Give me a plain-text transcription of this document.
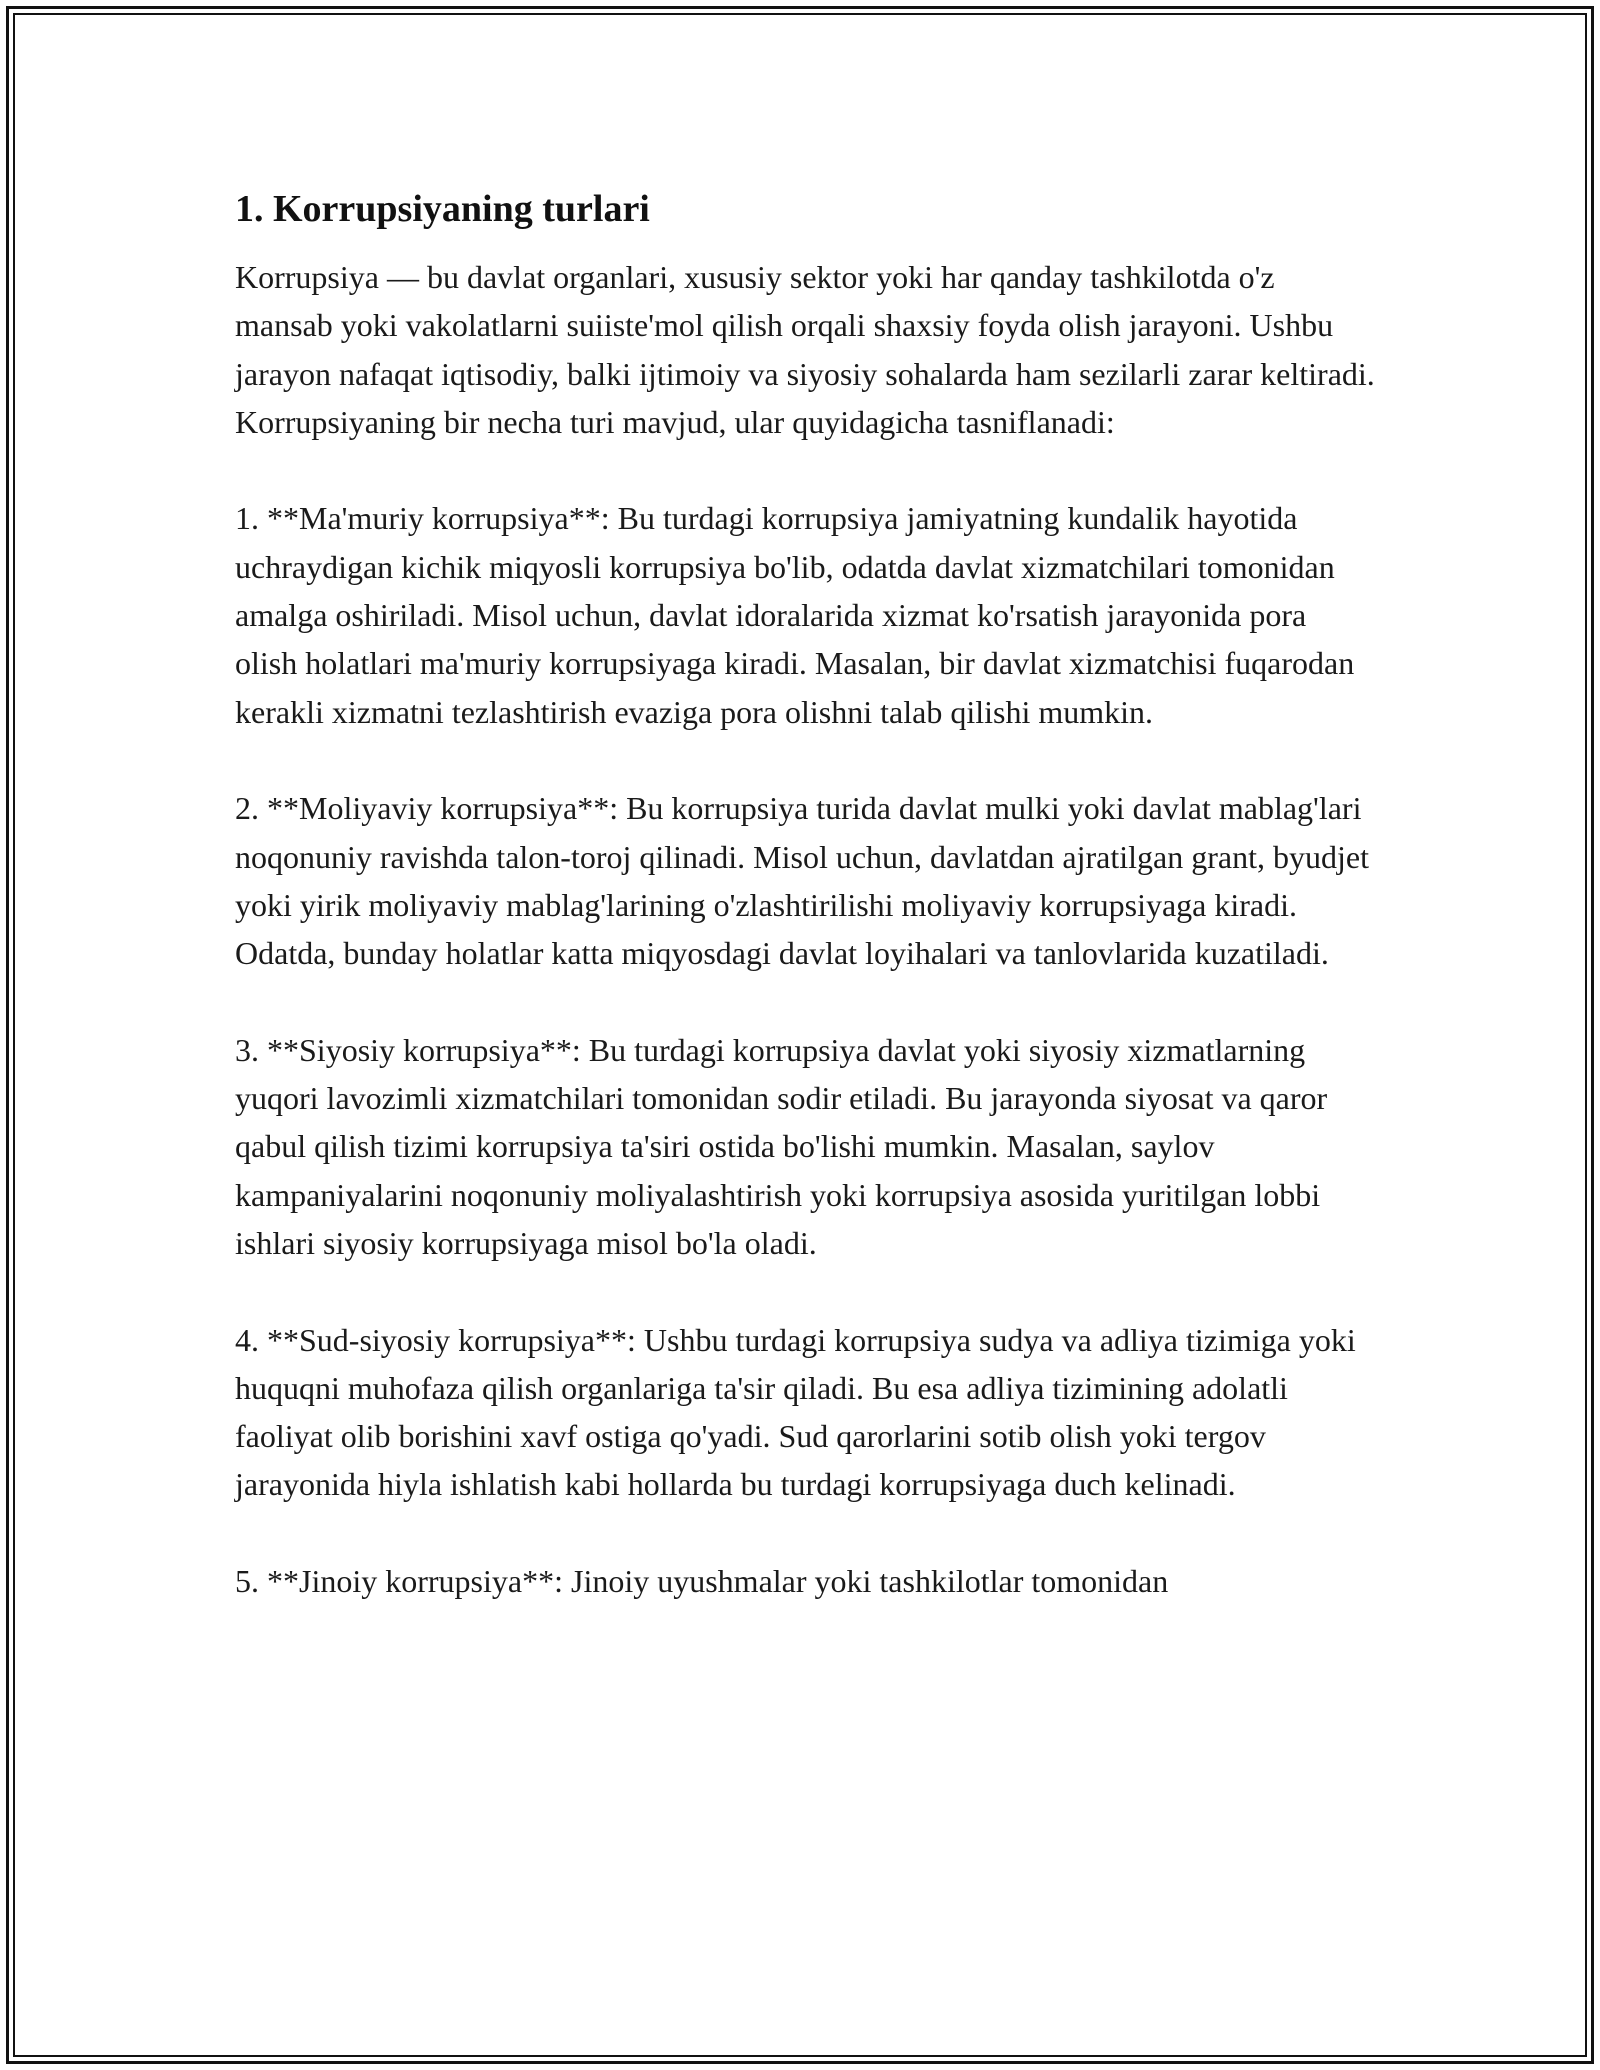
1. Korrupsiyaning turlari

Korrupsiya — bu davlat organlari, xususiy sektor yoki har qanday tashkilotda o'z mansab yoki vakolatlarni suiiste'mol qilish orqali shaxsiy foyda olish jarayoni. Ushbu jarayon nafaqat iqtisodiy, balki ijtimoiy va siyosiy sohalarda ham sezilarli zarar keltiradi. Korrupsiyaning bir necha turi mavjud, ular quyidagicha tasniflanadi:

1. **Ma'muriy korrupsiya**: Bu turdagi korrupsiya jamiyatning kundalik hayotida uchraydigan kichik miqyosli korrupsiya bo'lib, odatda davlat xizmatchilari tomonidan amalga oshiriladi. Misol uchun, davlat idoralarida xizmat ko'rsatish jarayonida pora olish holatlari ma'muriy korrupsiyaga kiradi. Masalan, bir davlat xizmatchisi fuqarodan kerakli xizmatni tezlashtirish evaziga pora olishni talab qilishi mumkin.

2. **Moliyaviy korrupsiya**: Bu korrupsiya turida davlat mulki yoki davlat mablag'lari noqonuniy ravishda talon-toroj qilinadi. Misol uchun, davlatdan ajratilgan grant, byudjet yoki yirik moliyaviy mablag'larining o'zlashtirilishi moliyaviy korrupsiyaga kiradi. Odatda, bunday holatlar katta miqyosdagi davlat loyihalari va tanlovlarida kuzatiladi.

3. **Siyosiy korrupsiya**: Bu turdagi korrupsiya davlat yoki siyosiy xizmatlarning yuqori lavozimli xizmatchilari tomonidan sodir etiladi. Bu jarayonda siyosat va qaror qabul qilish tizimi korrupsiya ta'siri ostida bo'lishi mumkin. Masalan, saylov kampaniyalarini noqonuniy moliyalashtirish yoki korrupsiya asosida yuritilgan lobbi ishlari siyosiy korrupsiyaga misol bo'la oladi.

4. **Sud-siyosiy korrupsiya**: Ushbu turdagi korrupsiya sudya va adliya tizimiga yoki huquqni muhofaza qilish organlariga ta'sir qiladi. Bu esa adliya tizimining adolatli faoliyat olib borishini xavf ostiga qo'yadi. Sud qarorlarini sotib olish yoki tergov jarayonida hiyla ishlatish kabi hollarda bu turdagi korrupsiyaga duch kelinadi.

5. **Jinoiy korrupsiya**: Jinoiy uyushmalar yoki tashkilotlar tomonidan
